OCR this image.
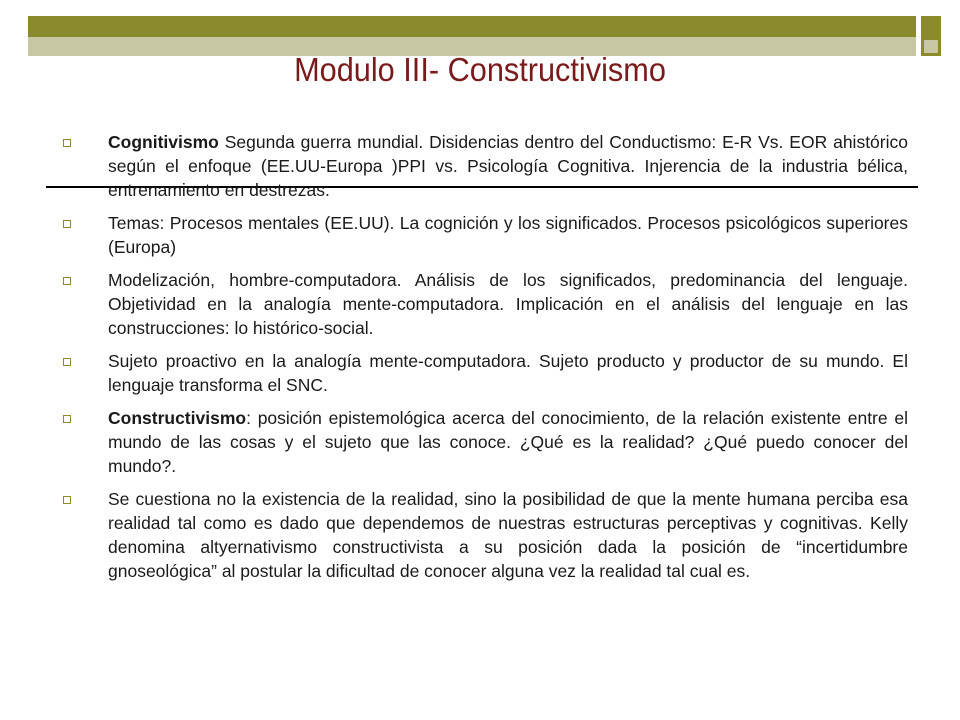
Modulo III- Constructivismo
Cognitivismo Segunda guerra mundial. Disidencias dentro del Conductismo: E-R Vs. EOR ahistórico según el enfoque (EE.UU-Europa )PPI vs. Psicología Cognitiva. Injerencia de la industria bélica, entrenamiento en destrezas.
Temas: Procesos mentales (EE.UU). La cognición y los significados. Procesos psicológicos superiores (Europa)
Modelización, hombre-computadora. Análisis de los significados, predominancia del lenguaje. Objetividad en la analogía mente-computadora. Implicación en el análisis del lenguaje en las construcciones: lo histórico-social.
Sujeto proactivo en la analogía mente-computadora. Sujeto producto y productor de su mundo. El lenguaje transforma el SNC.
Constructivismo: posición epistemológica acerca del conocimiento, de la relación existente entre el mundo de las cosas y el sujeto que las conoce. ¿Qué es la realidad? ¿Qué puedo conocer del mundo?.
Se cuestiona no la existencia de la realidad, sino la posibilidad de que la mente humana perciba esa realidad tal como es dado que dependemos de nuestras estructuras perceptivas y cognitivas. Kelly denomina altyernativismo constructivista a su posición dada la posición de “incertidumbre gnoseológica” al postular la dificultad de conocer alguna vez la realidad tal cual es.
